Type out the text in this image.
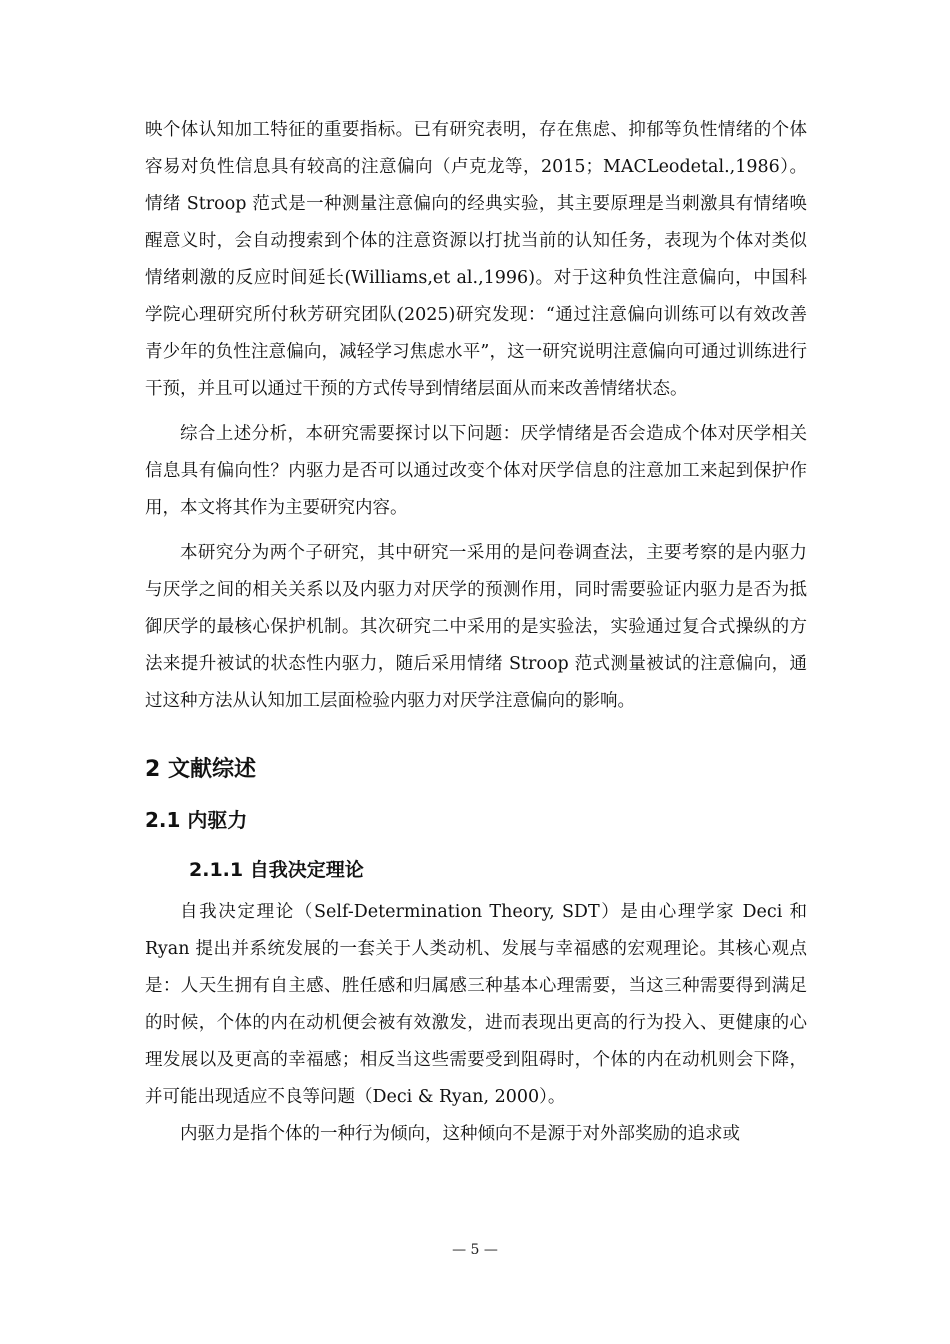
映个体认知加工特征的重要指标。已有研究表明，存在焦虑、抑郁等负性情绪的个体容易对负性信息具有较高的注意偏向（卢克龙等，2015；MACLeodetal.,1986）。情绪 Stroop 范式是一种测量注意偏向的经典实验，其主要原理是当刺激具有情绪唤醒意义时，会自动搜索到个体的注意资源以打扰当前的认知任务，表现为个体对类似情绪刺激的反应时间延长(Williams,et al.,1996)。对于这种负性注意偏向，中国科学院心理研究所付秋芳研究团队(2025)研究发现：“通过注意偏向训练可以有效改善青少年的负性注意偏向，减轻学习焦虑水平”，这一研究说明注意偏向可通过训练进行干预，并且可以通过干预的方式传导到情绪层面从而来改善情绪状态。

综合上述分析，本研究需要探讨以下问题：厌学情绪是否会造成个体对厌学相关信息具有偏向性？内驱力是否可以通过改变个体对厌学信息的注意加工来起到保护作用，本文将其作为主要研究内容。

本研究分为两个子研究，其中研究一采用的是问卷调查法，主要考察的是内驱力与厌学之间的相关关系以及内驱力对厌学的预测作用，同时需要验证内驱力是否为抵御厌学的最核心保护机制。其次研究二中采用的是实验法，实验通过复合式操纵的方法来提升被试的状态性内驱力，随后采用情绪 Stroop 范式测量被试的注意偏向，通过这种方法从认知加工层面检验内驱力对厌学注意偏向的影响。

2 文献综述
2.1 内驱力
2.1.1 自我决定理论

自我决定理论（Self-Determination Theory, SDT）是由心理学家 Deci 和 Ryan 提出并系统发展的一套关于人类动机、发展与幸福感的宏观理论。其核心观点是：人天生拥有自主感、胜任感和归属感三种基本心理需要，当这三种需要得到满足的时候，个体的内在动机便会被有效激发，进而表现出更高的行为投入、更健康的心理发展以及更高的幸福感；相反当这些需要受到阻碍时，个体的内在动机则会下降，并可能出现适应不良等问题（Deci & Ryan, 2000）。

内驱力是指个体的一种行为倾向，这种倾向不是源于对外部奖励的追求或

— 5 —
